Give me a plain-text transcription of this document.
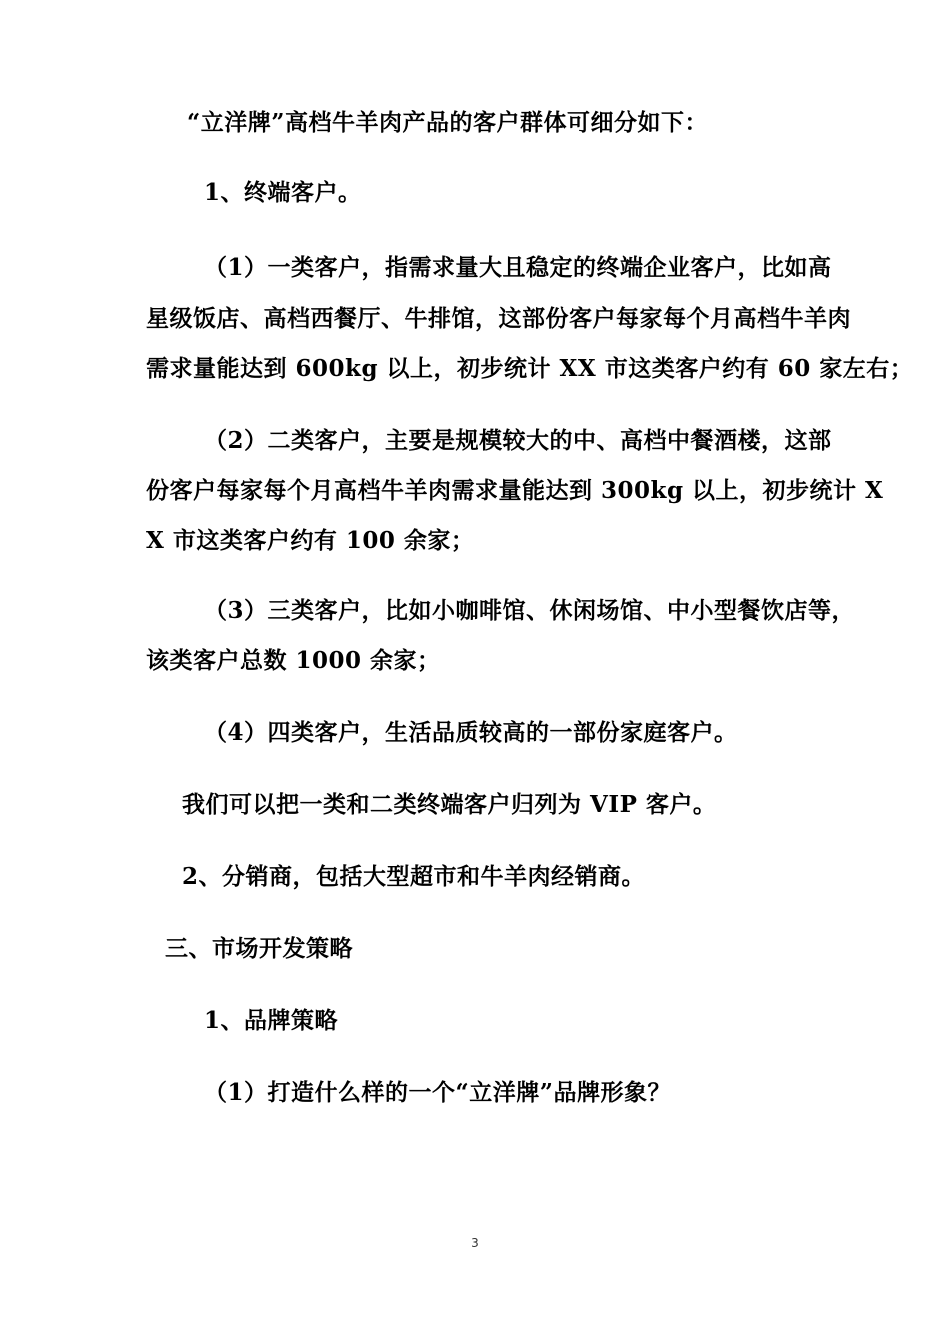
“立洋牌”高档牛羊肉产品的客户群体可细分如下：
1、终端客户。
（1）一类客户，指需求量大且稳定的终端企业客户，比如高
星级饭店、高档西餐厅、牛排馆，这部份客户每家每个月高档牛羊肉
需求量能达到 600kg 以上，初步统计 XX 市这类客户约有 60 家左右；
（2）二类客户，主要是规模较大的中、高档中餐酒楼，这部
份客户每家每个月高档牛羊肉需求量能达到 300kg 以上，初步统计 X
X 市这类客户约有 100 余家；
（3）三类客户，比如小咖啡馆、休闲场馆、中小型餐饮店等，
该类客户总数 1000 余家；
（4）四类客户，生活品质较高的一部份家庭客户。
我们可以把一类和二类终端客户归列为 VIP 客户。
2、分销商，包括大型超市和牛羊肉经销商。
三、市场开发策略
1、品牌策略
（1）打造什么样的一个“立洋牌”品牌形象？
3
